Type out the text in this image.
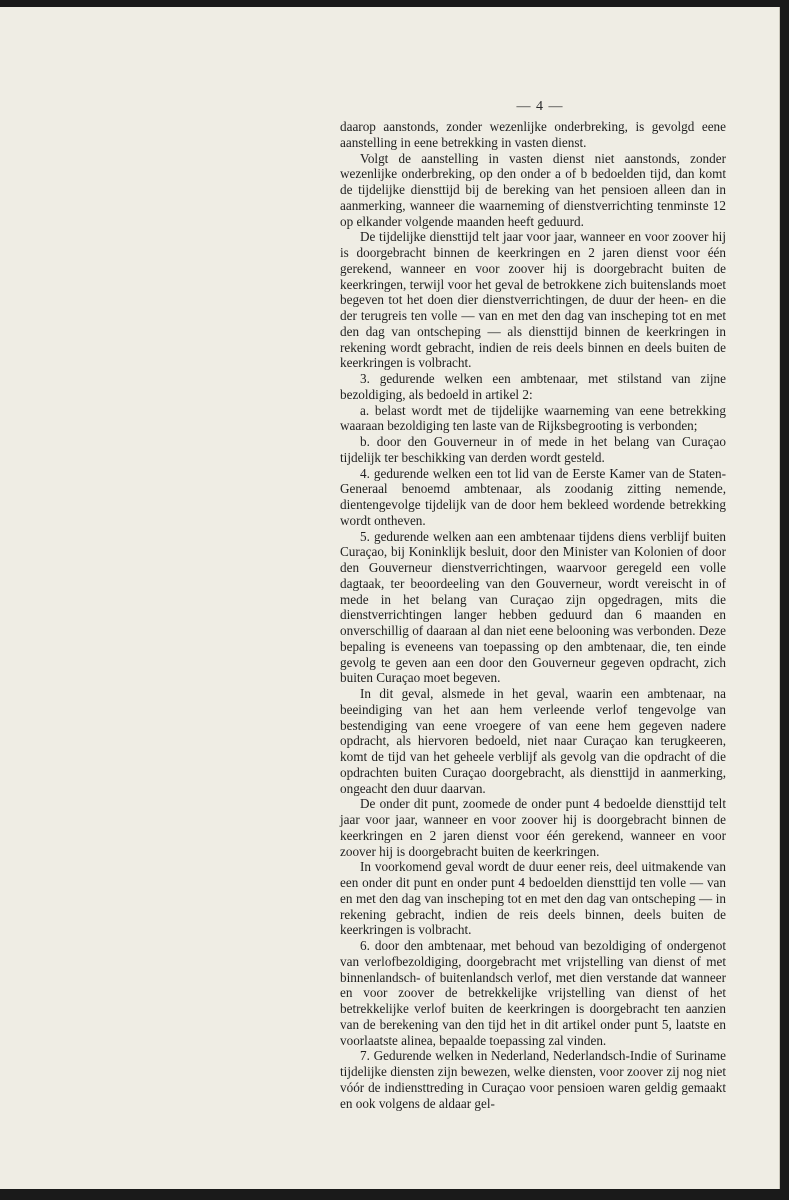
— 4 —

daarop aanstonds, zonder wezenlijke onderbreking, is gevolgd eene aanstelling in eene betrekking in vasten dienst.

Volgt de aanstelling in vasten dienst niet aanstonds, zonder wezenlijke onderbreking, op den onder a of b bedoelden tijd, dan komt de tijdelijke diensttijd bij de bereking van het pensioen alleen dan in aanmerking, wanneer die waarneming of dienstverrichting tenminste 12 op elkander volgende maanden heeft geduurd.

De tijdelijke diensttijd telt jaar voor jaar, wanneer en voor zoover hij is doorgebracht binnen de keerkringen en 2 jaren dienst voor één gerekend, wanneer en voor zoover hij is doorgebracht buiten de keerkringen, terwijl voor het geval de betrokkene zich buitenslands moet begeven tot het doen dier dienstverrichtingen, de duur der heen- en die der terugreis ten volle — van en met den dag van inscheping tot en met den dag van ontscheping — als diensttijd binnen de keerkringen in rekening wordt gebracht, indien de reis deels binnen en deels buiten de keerkringen is volbracht.

3. gedurende welken een ambtenaar, met stilstand van zijne bezoldiging, als bedoeld in artikel 2:

a. belast wordt met de tijdelijke waarneming van eene betrekking waaraan bezoldiging ten laste van de Rijksbegrooting is verbonden;

b. door den Gouverneur in of mede in het belang van Curaçao tijdelijk ter beschikking van derden wordt gesteld.

4. gedurende welken een tot lid van de Eerste Kamer van de Staten-Generaal benoemd ambtenaar, als zoodanig zitting nemende, dientengevolge tijdelijk van de door hem bekleed wordende betrekking wordt ontheven.

5. gedurende welken aan een ambtenaar tijdens diens verblijf buiten Curaçao, bij Koninklijk besluit, door den Minister van Kolonien of door den Gouverneur dienstverrichtingen, waarvoor geregeld een volle dagtaak, ter beoordeeling van den Gouverneur, wordt vereischt in of mede in het belang van Curaçao zijn opgedragen, mits die dienstverrichtingen langer hebben geduurd dan 6 maanden en onverschillig of daaraan al dan niet eene belooning was verbonden. Deze bepaling is eveneens van toepassing op den ambtenaar, die, ten einde gevolg te geven aan een door den Gouverneur gegeven opdracht, zich buiten Curaçao moet begeven.

In dit geval, alsmede in het geval, waarin een ambtenaar, na beeindiging van het aan hem verleende verlof tengevolge van bestendiging van eene vroegere of van eene hem gegeven nadere opdracht, als hiervoren bedoeld, niet naar Curaçao kan terugkeeren, komt de tijd van het geheele verblijf als gevolg van die opdracht of die opdrachten buiten Curaçao doorgebracht, als diensttijd in aanmerking, ongeacht den duur daarvan.

De onder dit punt, zoomede de onder punt 4 bedoelde diensttijd telt jaar voor jaar, wanneer en voor zoover hij is doorgebracht binnen de keerkringen en 2 jaren dienst voor één gerekend, wanneer en voor zoover hij is doorgebracht buiten de keerkringen.

In voorkomend geval wordt de duur eener reis, deel uitmakende van een onder dit punt en onder punt 4 bedoelden diensttijd ten volle — van en met den dag van inscheping tot en met den dag van ontscheping — in rekening gebracht, indien de reis deels binnen, deels buiten de keerkringen is volbracht.

6. door den ambtenaar, met behoud van bezoldiging of ondergenot van verlofbezoldiging, doorgebracht met vrijstelling van dienst of met binnenlandsch- of buitenlandsch verlof, met dien verstande dat wanneer en voor zoover de betrekkelijke vrijstelling van dienst of het betrekkelijke verlof buiten de keerkringen is doorgebracht ten aanzien van de berekening van den tijd het in dit artikel onder punt 5, laatste en voorlaatste alinea, bepaalde toepassing zal vinden.

7. Gedurende welken in Nederland, Nederlandsch-Indie of Suriname tijdelijke diensten zijn bewezen, welke diensten, voor zoover zij nog niet vóór de indiensttreding in Curaçao voor pensioen waren geldig gemaakt en ook volgens de aldaar gel-
